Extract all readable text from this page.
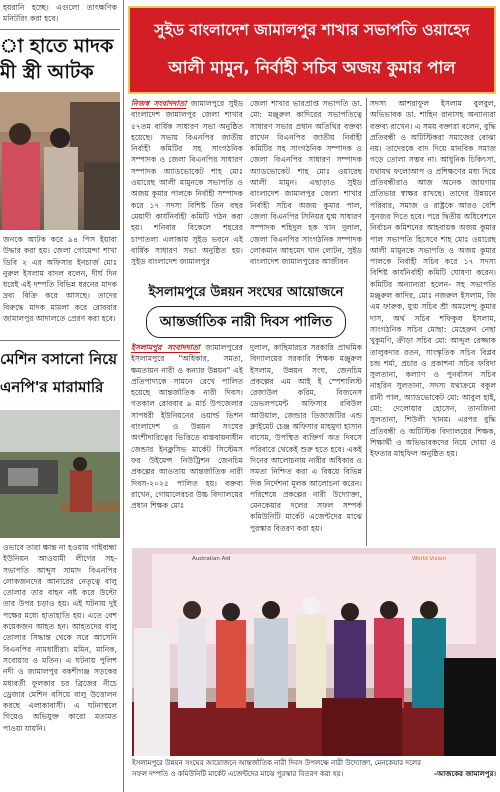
হয়রানি হচ্ছে। এগুলো তাৎক্ষণিক মনিটরিং করা হবে।
া হাতে মাদক
মী স্ত্রী আটক
জনকে আটক করে ৯৪ পিস ইয়াবা উদ্ধার করা হয়। জেলা গোয়েন্দা শাখা ডিবি ২ এর অফিসার ইনচার্জ মোঃ নুরুল ইসলাম বাদল বলেন, দীর্ঘ দিন ধরেই এই দম্পতি বিভিন্ন ধরনের মাদক দ্রব্য বিক্রি করে আসছে। তাদের বিরুদ্ধে মাদক মামলা করে রোববার জামালপুর আদালতে প্রেরণ করা হবে।
মেশিন বসানো নিয়ে
এনপি'র মারামারি
ওভাবে তারা ক্ষান্ত না হওয়ায় গাইবান্ধা ইউনিয়ন আওয়ামী লীগের সহ-সভাপতি আব্দুস সামাদ বিএনপির লোকজনদের আনারের নেতৃত্বে বালু তোলার তার বাহন নষ্ট করে উল্টো তার উপর চড়াও হয়। এই ঘটনায় দুই পক্ষের মধ্যে হাতাহাতি হয়। এতে বেশ কয়েকজন আহত হন। আহতদের বালু তোলার সিদ্ধান্ত থেকে সরে আসেনি বিএনপির নামধারীরা। মমিন, মানিক, সবোয়ার ও মতিন। এ ঘটনায় পুলিশ নদী ও জামালপুর বকশীগঞ্জ সড়কের মধ্যবর্তী ফুলকার চর ব্রিজের নীচে ড্রেজার মেশিন বসিয়ে বালু উত্তোলন করছে এলাকাবাসী। এ ঘটনাস্থলে গিয়েও অভিযুক্ত কারো মতামত পাওয়া যায়নি।
সুইড বাংলাদেশ জামালপুর শাখার সভাপতি ওয়াহেদ
আলী মামুন, নির্বাহী সচিব অজয় কুমার পাল
নিজস্ব সংবাদদাতা জামালপুরে সুইড বাংলাদেশ জামালপুর জেলা শাখার ৫৭তম বার্ষিক সাধারণ সভা অনুষ্ঠিত হয়েছে। সভায় বিএনপির জাতীয় নির্বাহী কমিটির সহ সাংগঠনিক সম্পাদক ও জেলা বিএনপির সাধারণ সম্পাদক অ্যাডভোকেট শাহ মোঃ ওয়ারেছ আলী মামুনকে সভাপতি ও অজয় কুমার পালকে নির্বাহী সম্পাদক করে ১৭ সদস্য বিশিষ্ট তিন বছর মেয়াদী কার্যনির্বাহী কমিটি গঠন করা হয়। শনিবার বিকেলে শহরের চাপাতলা এলাকায় সুইড ভবনে এই বার্ষিক সাধারণ সভা অনুষ্ঠিত হয়। সুইড বাংলাদেশ জামালপুর
জেলা শাখার ভারপ্রাপ্ত সভাপতি ডা. মো: মঞ্জুরুল কাদিরের সভাপতিত্বে সাধারণ সভার প্রধান অতিথির বক্তব্য রাখেন বিএনপির জাতীয় নির্বাহী কমিটির সহ সাংগঠনিক সম্পাদক ও জেলা বিএনপির সাধারণ সম্পাদক অ্যাডভোকেট শাহ মোঃ ওয়ারেছ আলী মামুন। এছাড়াও সুইড বাংলাদেশ জামালপুর জেলা শাখার নির্বাহী সচিব অজয় কুমার পাল, জেলা বিএনপির সিনিয়র যুগ্ম সাধারণ সম্পাদক শহিদুল হক খান দুলাল, জেলা বিএনপির সাংগঠনিক সম্পাদক লোকমান আহমেদ খান লোটন, সুইড বাংলাদেশ জামালপুরের আজীবন
সদস্য আশরাফুল ইসলাম বুলবুল, অভিভাবক ডা. শাহিন রানাসহ অন্যান্যরা বক্তব্য রাখেন। এ সময় বক্তারা বলেন, বুদ্ধি প্রতিবন্ধী ও অটিস্টিকরা সমাজের বোঝা নয়। তাদেরকে বাদ দিয়ে মানবিক সমাজ গড়ে তোলা সম্ভব না। আধুনিক চিকিৎসা, যথাযথ ফলোআপ ও প্রশিক্ষণের মধ্য দিয়ে প্রতিবন্ধীরাও আজ অনেক জায়গায় প্রতিভার স্বাক্ষর রাখছে। তাদের উন্নয়নে পরিবার, সমাজ ও রাষ্ট্রকে আরও বেশি সুনজর দিতে হবে। পরে দ্বিতীয় অধিবেশনে নির্বাচন কমিশনের আহবায়ক অজয় কুমার পাল সভাপতি হিসেবে শাহ মোঃ ওয়ারেছ আলী মামুনকে সভাপতি ও অজয় কুমার পালকে নির্বাহী সচিব করে ১৭ সদস্য বিশিষ্ট কার্যনির্বাহী কমিটি ঘোষণা করেন। কমিটির অন্যান্যরা হলেন- সহ সভাপতি মঞ্জুরুল কাদির, মোঃ নজরুল ইসলাম, জি এম ফারুক, যুগ্ম সচিব শ্রী অমলেন্দু কুমার দাস, অর্থ সচিব শফিকুল ইসলাম, সাংগঠনিক সচিব মোছা: মেহেরুন নেছা খুকুমণি, ক্রীড়া সচিব মো: আব্দুল রেজ্জাক তালুকদার রতন, সাংস্কৃতিক সচিব বিপ্লব চন্দ্র শর্মা, প্রচার ও প্রকাশনা সচিব ফরিদা সুলতানা, কল্যাণ ও পুনর্বাসন সচিব নাহরিন সুলতানা, সদস্য যথাক্রমে বকুল রানী পাল, অ্যাডভোকেট মো: আবুল হাই, মো: দেলোয়ার হোসেন, তানজিনা সুলতানা, শিউলী খানম। এরপর বুদ্ধি প্রতিবন্ধী ও অটিস্টিক বিদ্যালয়ের শিক্ষক, শিক্ষার্থী ও অভিভাবকদের নিয়ে দোয়া ও ইফতার মাহফিল অনুষ্ঠিত হয়।
ইসলামপুরে উন্নয়ন সংঘের আয়োজনে
আন্তর্জাতিক নারী দিবস পালিত
ইসলামপুর সংবাদদাতা জামালপুরের ইসলামপুরে "অধিকার, সমতা, ক্ষমতায়ন নারী ও কন্যার উন্নয়ন" এই প্রতিপাদ্যকে সামনে রেখে পালিত হয়েছে আন্তর্জাতিক নারী দিবস। গতকাল রোববার ৯ মার্চ উপজেলার সাপধরী ইউনিয়নের ওয়ার্ল্ড ভিশন বাংলাদেশ ও উন্নয়ন সংঘের অংশীদারিত্বের ভিত্তিতে বাস্তবায়নাধীন জেন্ডার ইনক্লুসিভ মার্কেট সিস্টেমস ফর উইমেন্স নিউট্রিশন জেনচিম প্রকল্পের আওতায় আন্তর্জাতিক নারী দিবস-২০২৫ পালিত হয়। বক্তব্য রাখেন, গোয়ালেরচর উচ্চ বিদ্যালয়ের প্রধান শিক্ষক মোঃ
দুলাল, কাছিমারচর সরকারি প্রাথমিক বিদ্যালয়ের সরকারি শিক্ষক মঞ্জুরুল ইসলাম, উন্নয়ন সংঘ, জেনচিম প্রকল্পের এম আই ই স্পেশালিস্ট রেজাউল করিম, বিজনেস ডেভলপমেন্ট অফিসার রবিউল আউয়াল, জেন্ডার ডিজাজটির এন্ড ক্লাইমেট চেঞ্জ অফিসার মাহমুদা হাসান বাসেম, উপস্থিত ব্যক্তির্গ অত দিবসে পরিবারে থেকেই শুরু হতে হবে। একই দিনের আলোচনায় নারীর অধিকার ও সমতা নিশ্চিত করা এ বিষয়ে বিভিন্ন দিক নির্দেশনা মূলক আলোচনা করেন। পরিশেষে প্রকল্পের নারী উদ্যোক্তা, মেনকেয়ার দলের সফল সম্পর্ক কমিউনিটি মার্কেট এজেন্টদের মাঝে পুরস্কার বিতরণ করা হয়।
Australian Aid	World Vision
ইসলামপুরে উন্নয়ন সংঘের আয়োজনে আন্তর্জাতিক নারী দিবস উপলক্ষে নারী উদ্যোক্তা, মেনকেয়ার দলের
সফল দম্পতি ও কমিউনিটি মার্কেট এজেন্টদের মাঝে পুরস্কার বিতরণ করা হয়।	-আজকের জামালপুর।
